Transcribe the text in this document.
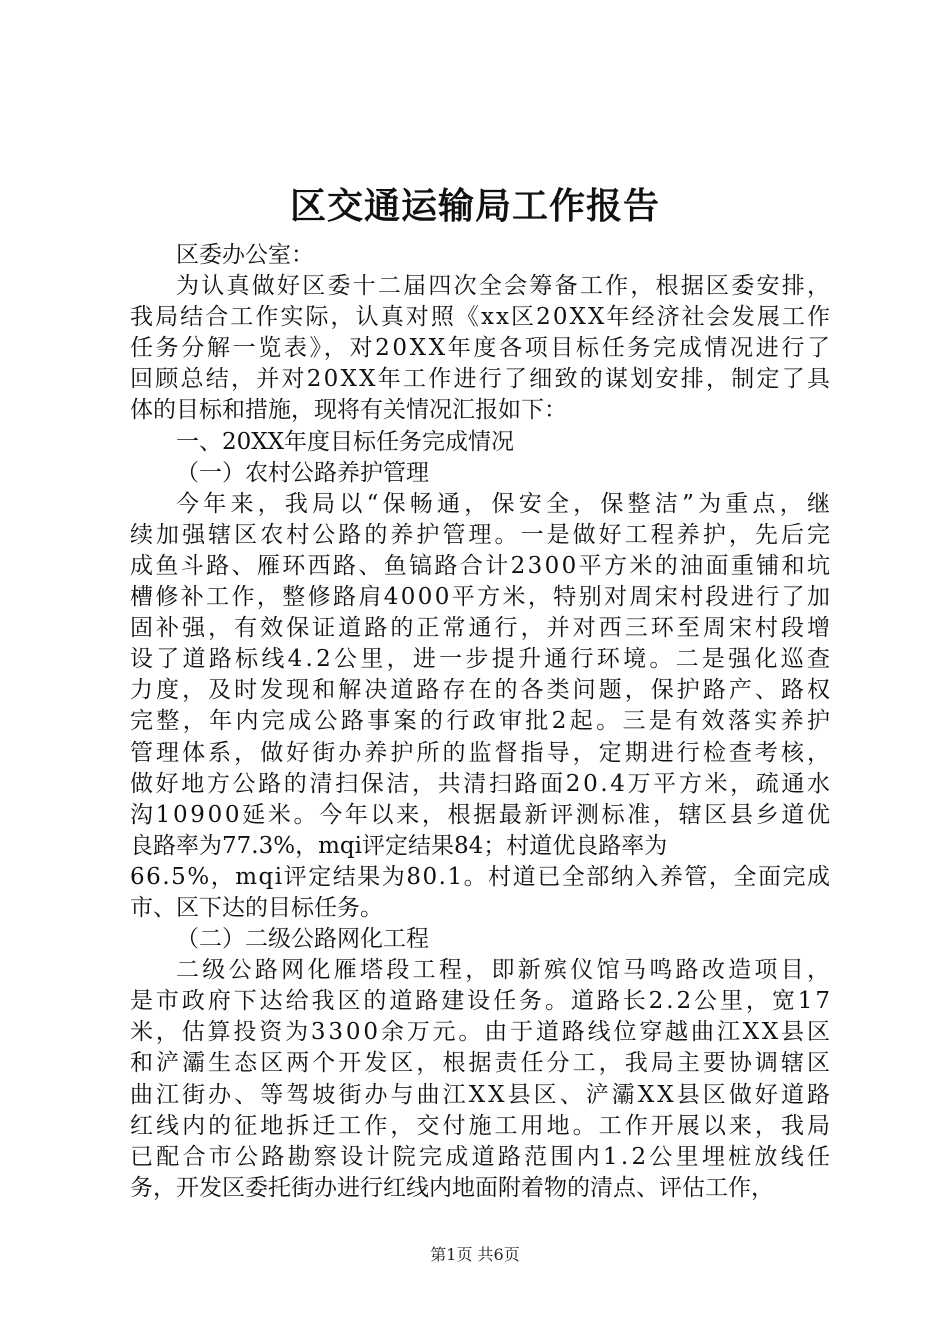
区交通运输局工作报告
区委办公室：
为认真做好区委十二届四次全会筹备工作，根据区委安排，
我局结合工作实际，认真对照《xx区20XX年经济社会发展工作
任务分解一览表》，对20XX年度各项目标任务完成情况进行了
回顾总结，并对20XX年工作进行了细致的谋划安排，制定了具
体的目标和措施，现将有关情况汇报如下：
一、20XX年度目标任务完成情况
（一）农村公路养护管理
今年来，我局以“保畅通，保安全，保整洁”为重点，继
续加强辖区农村公路的养护管理。一是做好工程养护，先后完
成鱼斗路、雁环西路、鱼镐路合计2300平方米的油面重铺和坑
槽修补工作，整修路肩4000平方米，特别对周宋村段进行了加
固补强，有效保证道路的正常通行，并对西三环至周宋村段增
设了道路标线4.2公里，进一步提升通行环境。二是强化巡查
力度，及时发现和解决道路存在的各类问题，保护路产、路权
完整，年内完成公路事案的行政审批2起。三是有效落实养护
管理体系，做好街办养护所的监督指导，定期进行检查考核，
做好地方公路的清扫保洁，共清扫路面20.4万平方米，疏通水
沟10900延米。今年以来，根据最新评测标准，辖区县乡道优
良路率为77.3%，mqi评定结果84；村道优良路率为
66.5%，mqi评定结果为80.1。村道已全部纳入养管，全面完成
市、区下达的目标任务。
（二）二级公路网化工程
二级公路网化雁塔段工程，即新殡仪馆马鸣路改造项目，
是市政府下达给我区的道路建设任务。道路长2.2公里，宽17
米，估算投资为3300余万元。由于道路线位穿越曲江XX县区
和浐灞生态区两个开发区，根据责任分工，我局主要协调辖区
曲江街办、等驾坡街办与曲江XX县区、浐灞XX县区做好道路
红线内的征地拆迁工作，交付施工用地。工作开展以来，我局
已配合市公路勘察设计院完成道路范围内1.2公里埋桩放线任
务，开发区委托街办进行红线内地面附着物的清点、评估工作，
第1页 共6页
